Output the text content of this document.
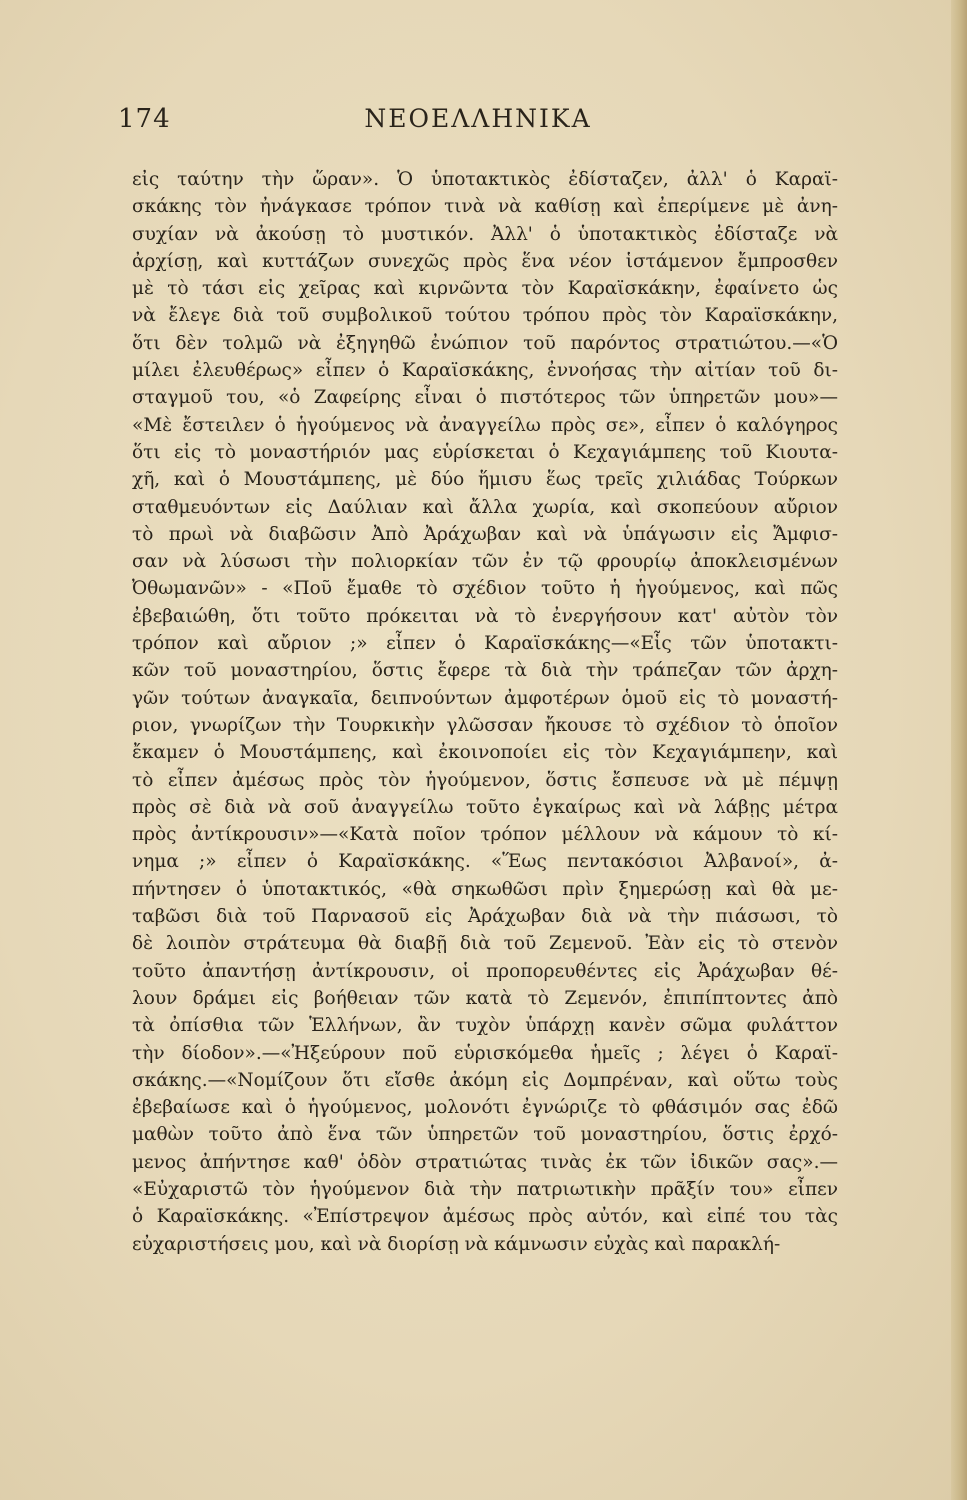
174	ΝΕΟΕΛΛΗΝΙΚΑ
εἰς ταύτην τὴν ὥραν». Ὁ ὑποτακτικὸς ἐδίσταζεν, ἀλλ' ὁ Καραϊ-
σκάκης τὸν ἠνάγκασε τρόπον τινὰ νὰ καθίσῃ καὶ ἐπερίμενε μὲ ἀνη-
συχίαν νὰ ἀκούσῃ τὸ μυστικόν. Ἀλλ' ὁ ὑποτακτικὸς ἐδίσταζε νὰ
ἀρχίσῃ, καὶ κυττάζων συνεχῶς πρὸς ἕνα νέον ἱστάμενον ἔμπροσθεν
μὲ τὸ τάσι εἰς χεῖρας καὶ κιρνῶντα τὸν Καραϊσκάκην, ἐφαίνετο ὡς
νὰ ἔλεγε διὰ τοῦ συμβολικοῦ τούτου τρόπου πρὸς τὸν Καραϊσκάκην,
ὅτι δὲν τολμῶ νὰ ἐξηγηθῶ ἐνώπιον τοῦ παρόντος στρατιώτου.—«Ὁ
μίλει ἐλευθέρως» εἶπεν ὁ Καραϊσκάκης, ἐννοήσας τὴν αἰτίαν τοῦ δι-
σταγμοῦ του, «ὁ Ζαφείρης εἶναι ὁ πιστότερος τῶν ὑπηρετῶν μου»—
«Μὲ ἔστειλεν ὁ ἡγούμενος νὰ ἀναγγείλω πρὸς σε», εἶπεν ὁ καλόγηρος
ὅτι εἰς τὸ μοναστήριόν μας εὑρίσκεται ὁ Κεχαγιάμπεης τοῦ Κιουτα-
χῆ, καὶ ὁ Μουστάμπεης, μὲ δύο ἥμισυ ἕως τρεῖς χιλιάδας Τούρκων
σταθμευόντων εἰς Δαύλιαν καὶ ἄλλα χωρία, καὶ σκοπεύουν αὔριον
τὸ πρωὶ νὰ διαβῶσιν Ἀπὸ Ἀράχωβαν καὶ νὰ ὑπάγωσιν εἰς Ἄμφισ-
σαν νὰ λύσωσι τὴν πολιορκίαν τῶν ἐν τῷ φρουρίῳ ἀποκλεισμένων
Ὀθωμανῶν» - «Ποῦ ἔμαθε τὸ σχέδιον τοῦτο ἡ ἡγούμενος, καὶ πῶς
ἐβεβαιώθη, ὅτι τοῦτο πρόκειται νὰ τὸ ἐνεργήσουν κατ' αὐτὸν τὸν
τρόπον καὶ αὔριον ;» εἶπεν ὁ Καραϊσκάκης—«Εἷς τῶν ὑποτακτι-
κῶν τοῦ μοναστηρίου, ὅστις ἔφερε τὰ διὰ τὴν τράπεζαν τῶν ἀρχη-
γῶν τούτων ἀναγκαῖα, δειπνούντων ἀμφοτέρων ὁμοῦ εἰς τὸ μοναστή-
ριον, γνωρίζων τὴν Τουρκικὴν γλῶσσαν ἤκουσε τὸ σχέδιον τὸ ὁποῖον
ἔκαμεν ὁ Μουστάμπεης, καὶ ἐκοινοποίει εἰς τὸν Κεχαγιάμπεην, καὶ
τὸ εἶπεν ἀμέσως πρὸς τὸν ἡγούμενον, ὅστις ἔσπευσε νὰ μὲ πέμψῃ
πρὸς σὲ διὰ νὰ σοῦ ἀναγγείλω τοῦτο ἐγκαίρως καὶ νὰ λάβῃς μέτρα
πρὸς ἀντίκρουσιν»—«Κατὰ ποῖον τρόπον μέλλουν νὰ κάμουν τὸ κί-
νημα ;» εἶπεν ὁ Καραϊσκάκης. «Ἕως πεντακόσιοι Ἀλβανοί», ἀ-
πήντησεν ὁ ὑποτακτικός, «θὰ σηκωθῶσι πρὶν ξημερώσῃ καὶ θὰ με-
ταβῶσι διὰ τοῦ Παρνασοῦ εἰς Ἀράχωβαν διὰ νὰ τὴν πιάσωσι, τὸ
δὲ λοιπὸν στράτευμα θὰ διαβῇ διὰ τοῦ Ζεμενοῦ. Ἐὰν εἰς τὸ στενὸν
τοῦτο ἀπαντήσῃ ἀντίκρουσιν, οἱ προπορευθέντες εἰς Ἀράχωβαν θέ-
λουν δράμει εἰς βοήθειαν τῶν κατὰ τὸ Ζεμενόν, ἐπιπίπτοντες ἀπὸ
τὰ ὀπίσθια τῶν Ἑλλήνων, ἂν τυχὸν ὑπάρχῃ κανὲν σῶμα φυλάττον
τὴν δίοδον».—«Ἠξεύρουν ποῦ εὑρισκόμεθα ἡμεῖς ; λέγει ὁ Καραϊ-
σκάκης.—«Νομίζουν ὅτι εἴσθε ἀκόμη εἰς Δομπρέναν, καὶ οὕτω τοὺς
ἐβεβαίωσε καὶ ὁ ἡγούμενος, μολονότι ἐγνώριζε τὸ φθάσιμόν σας ἐδῶ
μαθὼν τοῦτο ἀπὸ ἕνα τῶν ὑπηρετῶν τοῦ μοναστηρίου, ὅστις ἐρχό-
μενος ἀπήντησε καθ' ὁδὸν στρατιώτας τινὰς ἐκ τῶν ἰδικῶν σας».—
«Εὐχαριστῶ τὸν ἡγούμενον διὰ τὴν πατριωτικὴν πρᾶξίν του» εἶπεν
ὁ Καραϊσκάκης. «Ἐπίστρεψον ἀμέσως πρὸς αὐτόν, καὶ εἰπέ του τὰς
εὐχαριστήσεις μου, καὶ νὰ διορίσῃ νὰ κάμνωσιν εὐχὰς καὶ παρακλή-
